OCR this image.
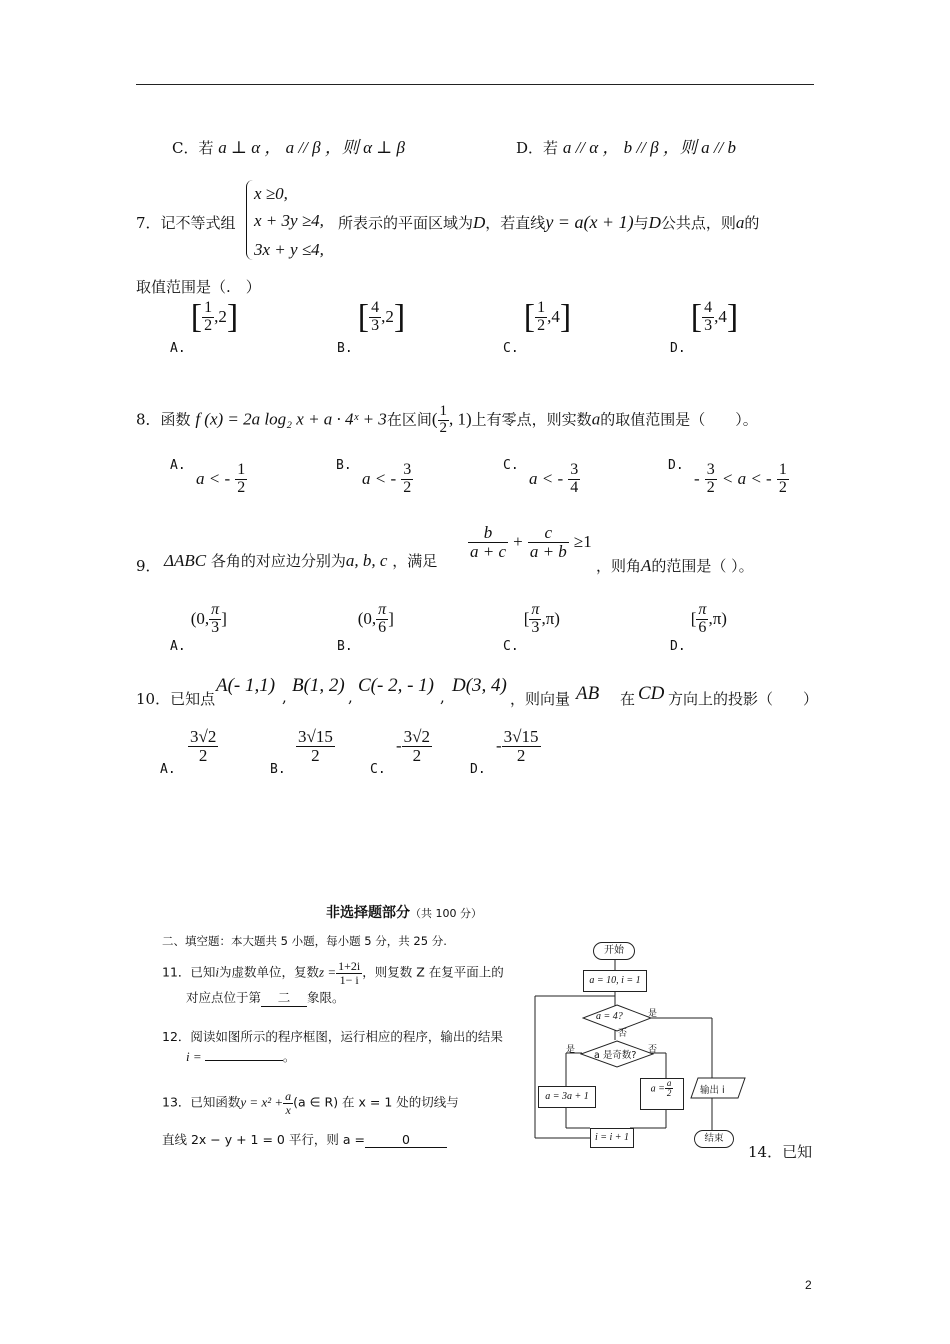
C．若 a ⊥ α ， a // β ，则 α ⊥ β	D．若 a // α ， b // β ，则 a // b
7．记不等式组
x ≥0,
x + 3y ≥4,
3x + y ≤4,
所表示的平面区域为D，若直线y = a(x + 1)与D公共点，则a的
取值范围是（.　）
$_{A.}$ [ $\frac{1}{2} ,2$]
$_{B.}$ [ $\frac{4}{3} ,2$]
$_{C.}$ [ $\frac{1}{2} ,4$]
$_{D.}$ [ $\frac{4}{3} ,4$]
8．函数 f (x) = 2a log₂ x + a · 4ˣ + 3在区间( $\frac{1}{2}$ , 1)上有零点，则实数a的取值范围是（　　）。
A.
a < - $\frac{1}{2}$	B.
a < - $\frac{3}{2}$	C.
a < - $\frac{3}{4}$	D.
- $\frac{3}{2} < a$ < - $\frac{1}{2}$
9． ΔABC 各角的对应边分别为a, b, c ，满足
$\frac{b}{a + c} + \frac{c}{a + b} \ge 1$
，则角A的范围是（ ）。
$_{A.}$ (0, $\frac{\pi}{3}$ ]
$_{B.}$ (0, $\frac{\pi}{6}$ ]
$_{C.}$ [ $\frac{\pi}{3} ,\pi$)
$_{D.}$ [ $\frac{\pi}{6} ,\pi$)
10．已知点
A(- 1,1)
,
B(1, 2)
,
C(- 2, - 1)
,
D(3, 4)
，则向量 AB 在 CD 方向上的投影（　　）
A.
$\frac{3√2}{2}$
B.
$\frac{3√15}{2}$
C.
- $\frac{3√2}{2}$
D.
- $\frac{3√15}{2}$
非选择题部分（共 100 分）
二、填空题：本大题共 5 小题，每小题 5 分，共 25 分.
11．已知i为虚数单位，复数$z = \frac{1+2i}{1- i}$ ，则复数 Z 在复平面上的
对应点位于第 二 象限。
12．阅读如图所示的程序框图，运行相应的程序，输出的结果
i =	。
13．已知函数$y = x^2 + \frac{a}{x} (a$ ∈ R) 在 x = 1 处的切线与
直线 2x − y + 1 = 0 平行，则 a =	0
开始
a = 10, i = 1
a = 4?	是
否
a 是奇数?
是	否
a = 3a + 1
$a = \frac{a}{2}$
i = i + 1
输出 i
结束
14．已知
2
